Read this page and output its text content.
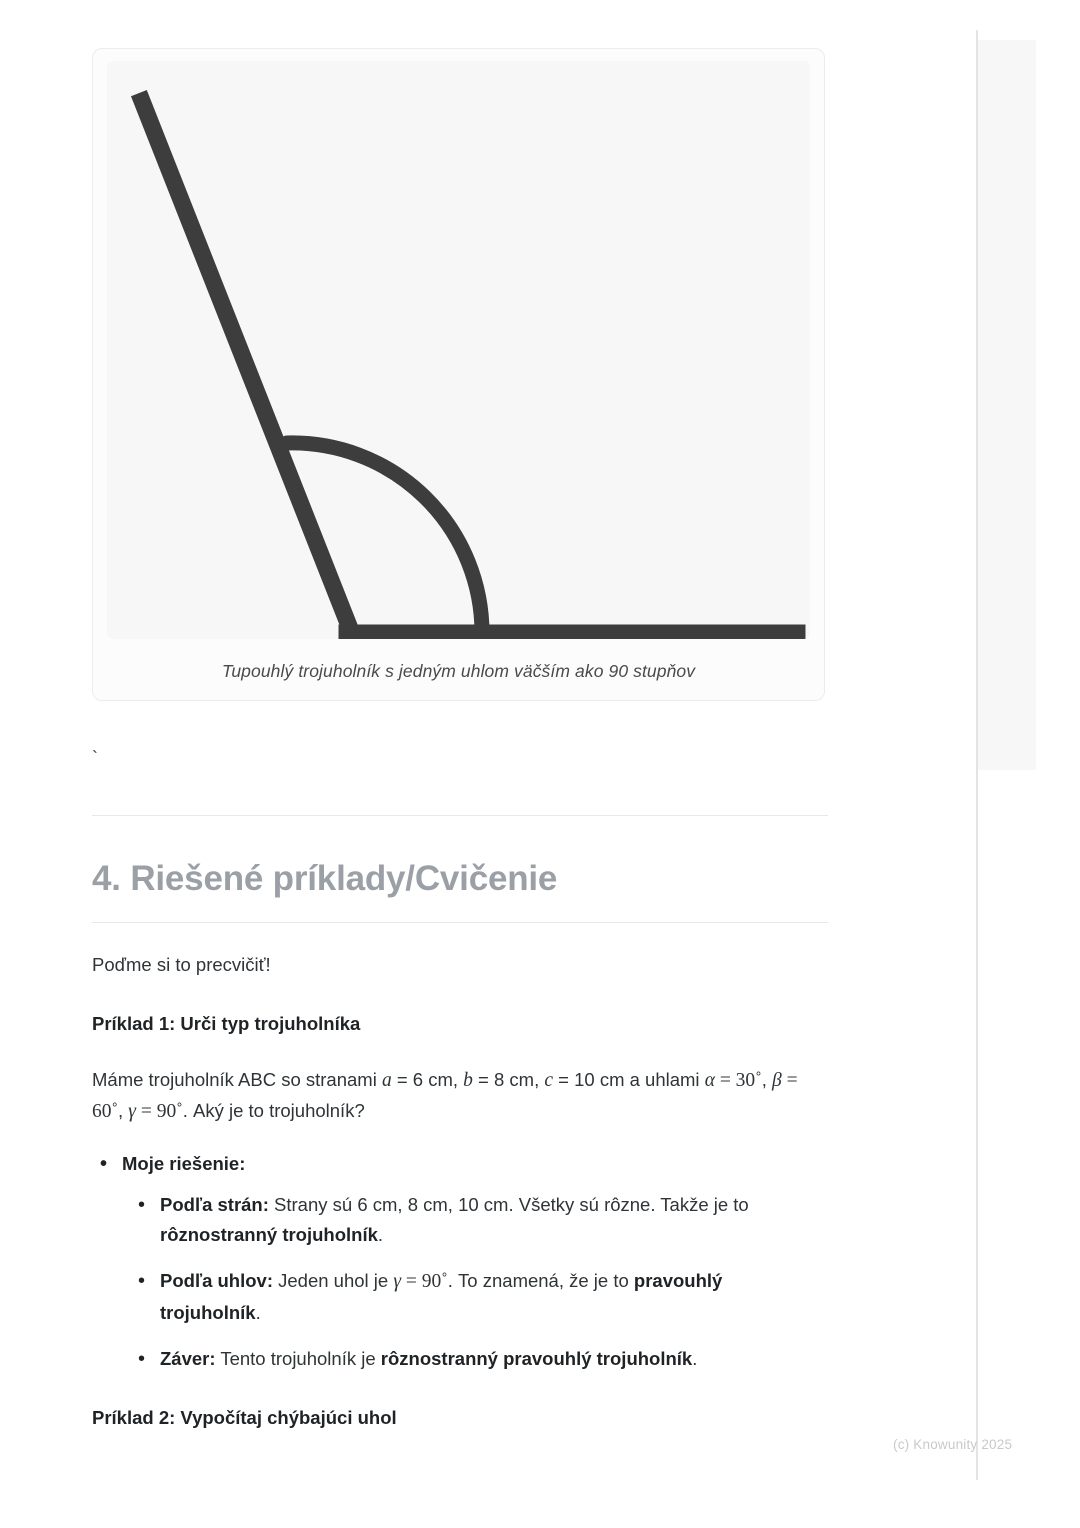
Tupouhlý trojuholník s jedným uhlom väčším ako 90 stupňov
`
4. Riešené príklady/Cvičenie

Poďme si to precvičiť!

Príklad 1: Urči typ trojuholníka

Máme trojuholník ABC so stranami a = 6 cm, b = 8 cm, c = 10 cm a uhlami α = 30˚, β = 60˚, γ = 90˚. Aký je to trojuholník?

• Moje riešenie:
• Podľa strán: Strany sú 6 cm, 8 cm, 10 cm. Všetky sú rôzne. Takže je to rôznostranný trojuholník.
• Podľa uhlov: Jeden uhol je γ = 90˚. To znamená, že je to pravouhlý trojuholník.
• Záver: Tento trojuholník je rôznostranný pravouhlý trojuholník.

Príklad 2: Vypočítaj chýbajúci uhol

(c) Knowunity 2025
